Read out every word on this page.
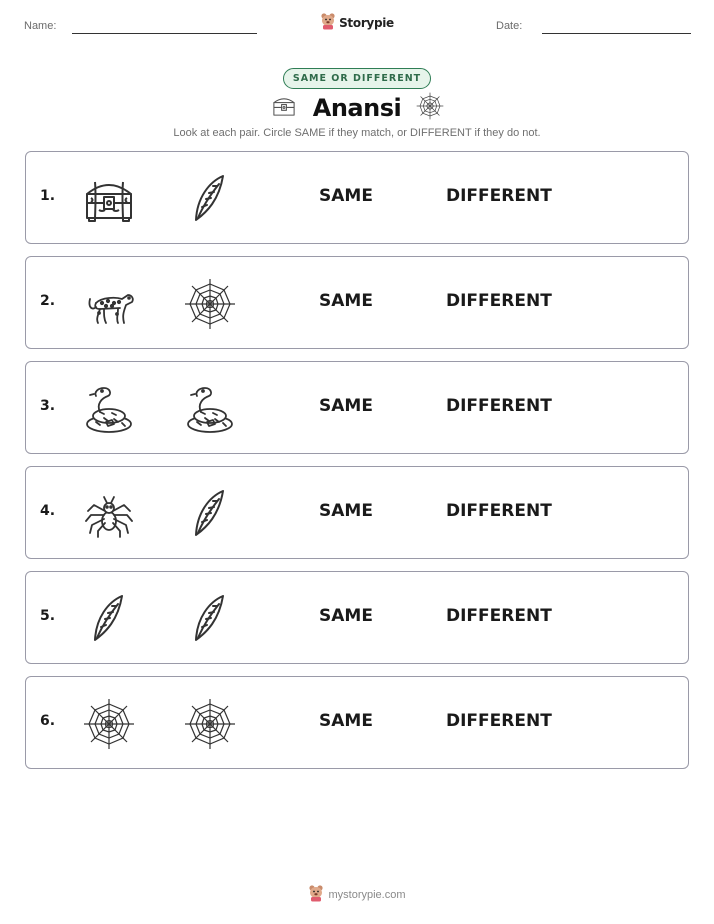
Name:	Storypie	Date:
SAME OR DIFFERENT
Anansi
Look at each pair. Circle SAME if they match, or DIFFERENT if they do not.
1.	SAME	DIFFERENT
2.	SAME	DIFFERENT
3.	SAME	DIFFERENT
4.	SAME	DIFFERENT
5.	SAME	DIFFERENT
6.	SAME	DIFFERENT
mystorypie.com
